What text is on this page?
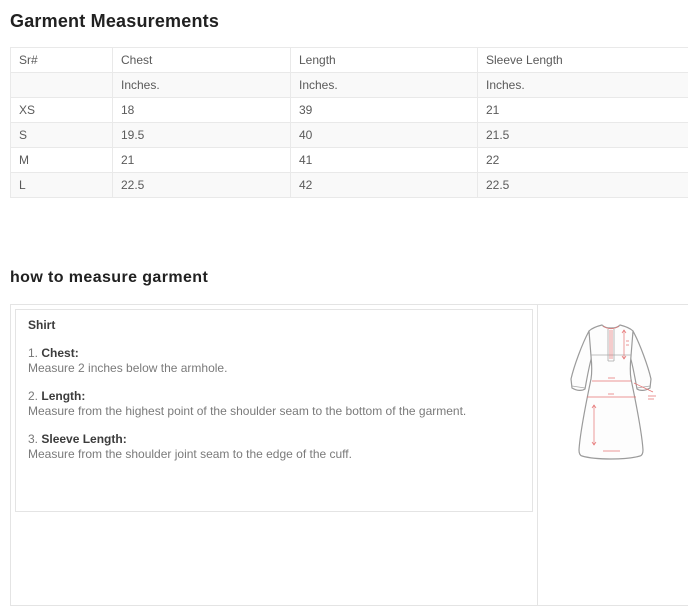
Garment Measurements
Sr#	Chest	Length	Sleeve Length
	Inches.	Inches.	Inches.
XS	18	39	21
S	19.5	40	21.5
M	21	41	22
L	22.5	42	22.5
how to measure garment
Shirt
1. Chest:
Measure 2 inches below the armhole.
2. Length:
Measure from the highest point of the shoulder seam to the bottom of the garment.
3. Sleeve Length:
Measure from the shoulder joint seam to the edge of the cuff.
